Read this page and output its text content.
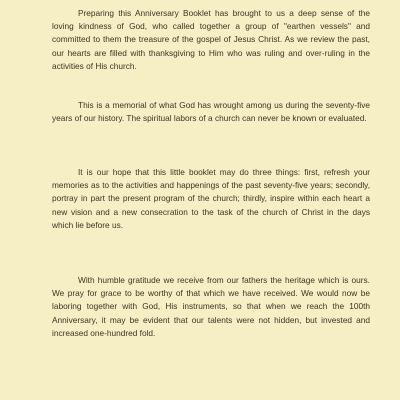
Preparing this Anniversary Booklet has brought to us a deep sense of the loving kindness of God, who called together a group of "earthen vessels" and committed to them the treasure of the gospel of Jesus Christ. As we review the past, our hearts are filled with thanksgiving to Him who was ruling and over-ruling in the activities of His church.

This is a memorial of what God has wrought among us during the seventy-five years of our history. The spiritual labors of a church can never be known or evaluated.

It is our hope that this little booklet may do three things: first, refresh your memories as to the activities and happenings of the past seventy-five years; secondly, portray in part the present program of the church; thirdly, inspire within each heart a new vision and a new consecration to the task of the church of Christ in the days which lie before us.

With humble gratitude we receive from our fathers the heritage which is ours. We pray for grace to be worthy of that which we have received. We would now be laboring together with God, His instruments, so that when we reach the 100th Anniversary, it may be evident that our talents were not hidden, but invested and increased one-hundred fold.
